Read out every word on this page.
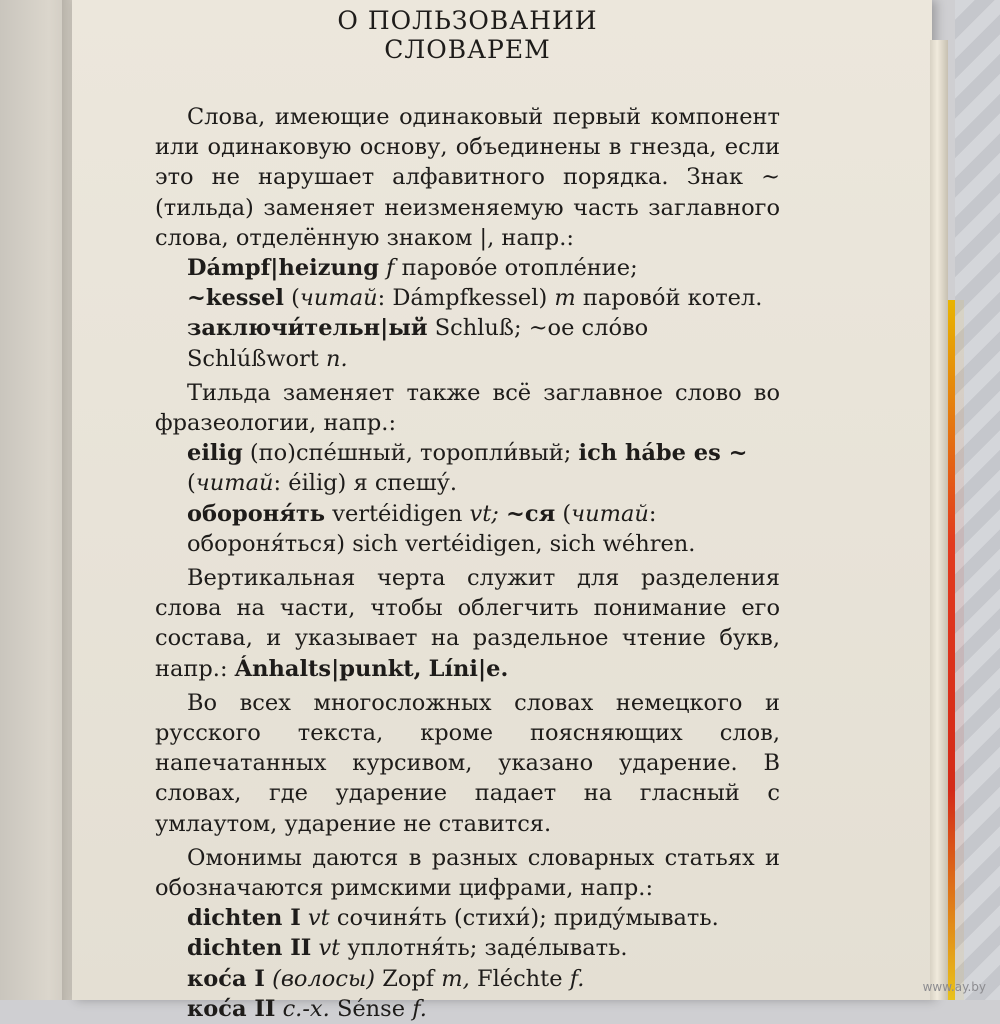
О ПОЛЬЗОВАНИИ
СЛОВАРЕМ

Слова, имеющие одинаковый первый компонент или одинаковую основу, объединены в гнезда, если это не нарушает алфавитного порядка. Знак ~ (тильда) заменяет неизменяемую часть заглавного слова, отделённую знаком |, напр.:

Dámpf|heizung f паровóе отоплéние;

~kessel (читай: Dámpfkessel) m паровóй котел.

заключи́тельн|ый Schluß; ~ое слóво Schlúßwort n.

Тильда заменяет также всё заглавное слово во фразеологии, напр.:

eilig (по)спéшный, торопли́вый; ich hábe es ~ (читай: éilig) я спешу́.

обороня́ть vertéidigen vt; ~ся (читай: обороня́ться) sich vertéidigen, sich wéhren.

Вертикальная черта служит для разделения слова на части, чтобы облегчить понимание его состава, и указывает на раздельное чтение букв, напр.: Ánhalts|punkt, Líni|e.

Во всех многосложных словах немецкого и русского текста, кроме поясняющих слов, напечатанных курсивом, указано ударение. В словах, где ударение падает на гласный с умлаутом, ударение не ставится.

Омонимы даются в разных словарных статьях и обозначаются римскими цифрами, напр.:

dichten I vt сочиня́ть (стихи́); приду́мывать.

dichten II vt уплотня́ть; задéлывать.

кос́а I (волосы) Zopf m, Fléchte f.

кос́а II с.-х. Sénse f.

www.ay.by
